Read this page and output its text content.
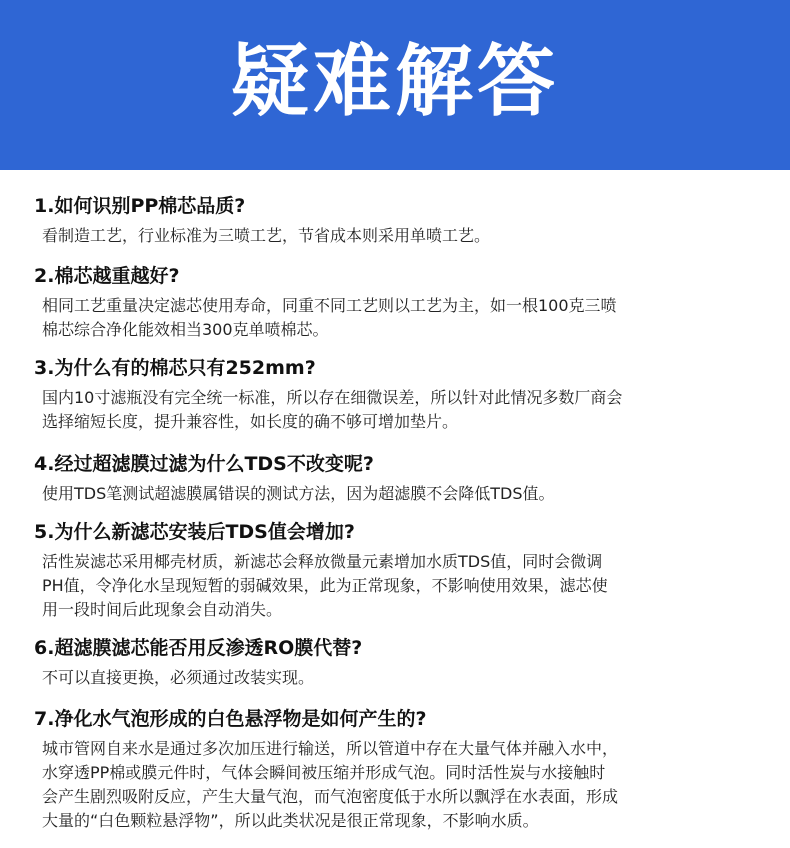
疑难解答
1.如何识别PP棉芯品质?
看制造工艺，行业标准为三喷工艺，节省成本则采用单喷工艺。
2.棉芯越重越好?
相同工艺重量决定滤芯使用寿命，同重不同工艺则以工艺为主，如一根100克三喷
棉芯综合净化能效相当300克单喷棉芯。
3.为什么有的棉芯只有252mm?
国内10寸滤瓶没有完全统一标准，所以存在细微误差，所以针对此情况多数厂商会
选择缩短长度，提升兼容性，如长度的确不够可增加垫片。
4.经过超滤膜过滤为什么TDS不改变呢?
使用TDS笔测试超滤膜属错误的测试方法，因为超滤膜不会降低TDS值。
5.为什么新滤芯安装后TDS值会增加?
活性炭滤芯采用椰壳材质，新滤芯会释放微量元素增加水质TDS值，同时会微调
PH值，令净化水呈现短暂的弱碱效果，此为正常现象，不影响使用效果，滤芯使
用一段时间后此现象会自动消失。
6.超滤膜滤芯能否用反渗透RO膜代替?
不可以直接更换，必须通过改装实现。
7.净化水气泡形成的白色悬浮物是如何产生的?
城市管网自来水是通过多次加压进行输送，所以管道中存在大量气体并融入水中，
水穿透PP棉或膜元件时，气体会瞬间被压缩并形成气泡。同时活性炭与水接触时
会产生剧烈吸附反应，产生大量气泡，而气泡密度低于水所以飘浮在水表面，形成
大量的“白色颗粒悬浮物”，所以此类状况是很正常现象，不影响水质。
